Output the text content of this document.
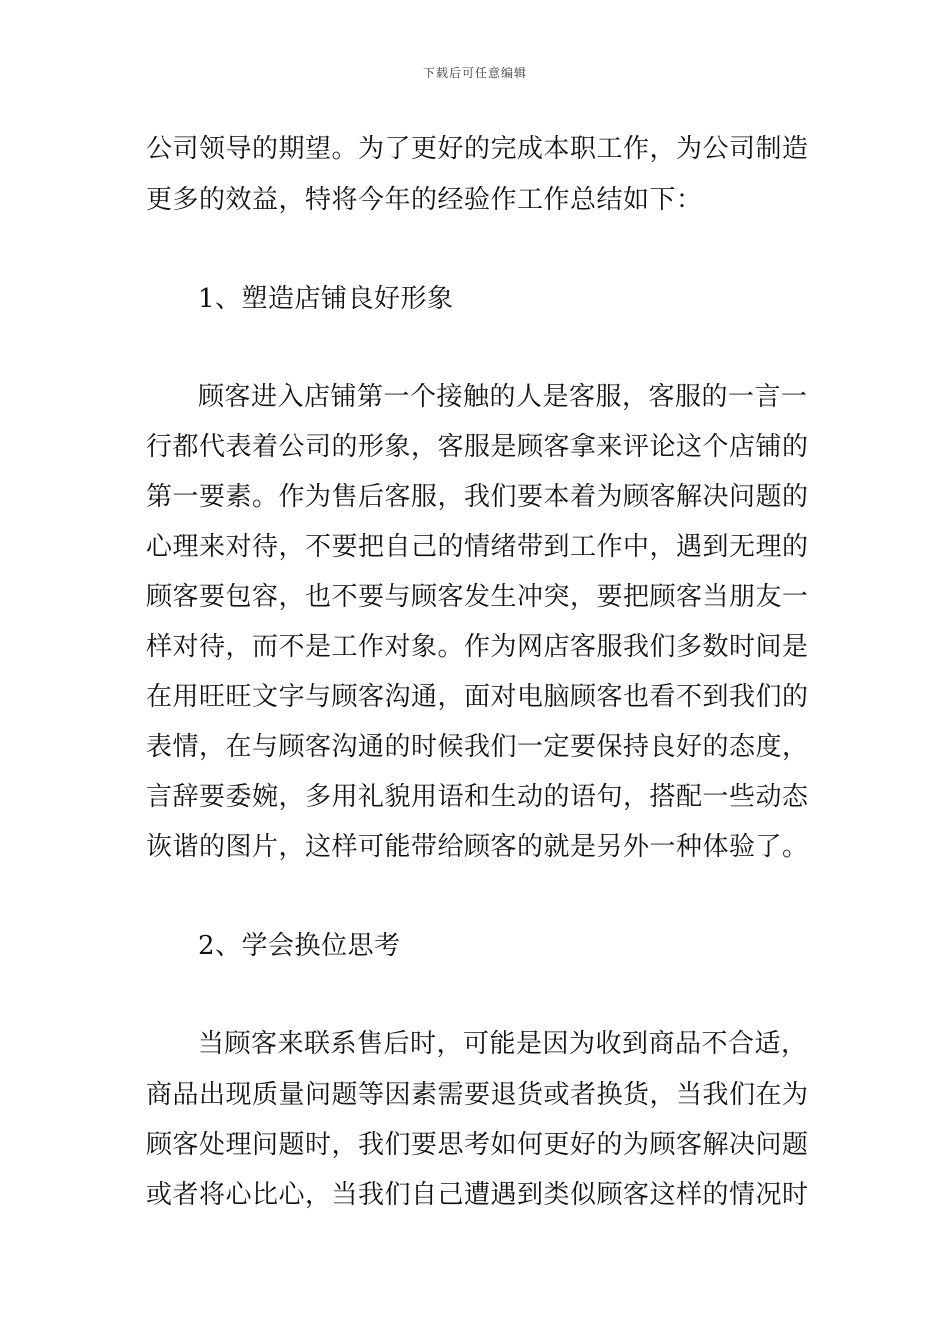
下载后可任意编辑
公司领导的期望。为了更好的完成本职工作，为公司制造
更多的效益，特将今年的经验作工作总结如下：
1、塑造店铺良好形象
顾客进入店铺第一个接触的人是客服，客服的一言一
行都代表着公司的形象，客服是顾客拿来评论这个店铺的
第一要素。作为售后客服，我们要本着为顾客解决问题的
心理来对待，不要把自己的情绪带到工作中，遇到无理的
顾客要包容，也不要与顾客发生冲突，要把顾客当朋友一
样对待，而不是工作对象。作为网店客服我们多数时间是
在用旺旺文字与顾客沟通，面对电脑顾客也看不到我们的
表情，在与顾客沟通的时候我们一定要保持良好的态度，
言辞要委婉，多用礼貌用语和生动的语句，搭配一些动态
诙谐的图片，这样可能带给顾客的就是另外一种体验了。
2、学会换位思考
当顾客来联系售后时，可能是因为收到商品不合适，
商品出现质量问题等因素需要退货或者换货，当我们在为
顾客处理问题时，我们要思考如何更好的为顾客解决问题
或者将心比心，当我们自己遭遇到类似顾客这样的情况时
